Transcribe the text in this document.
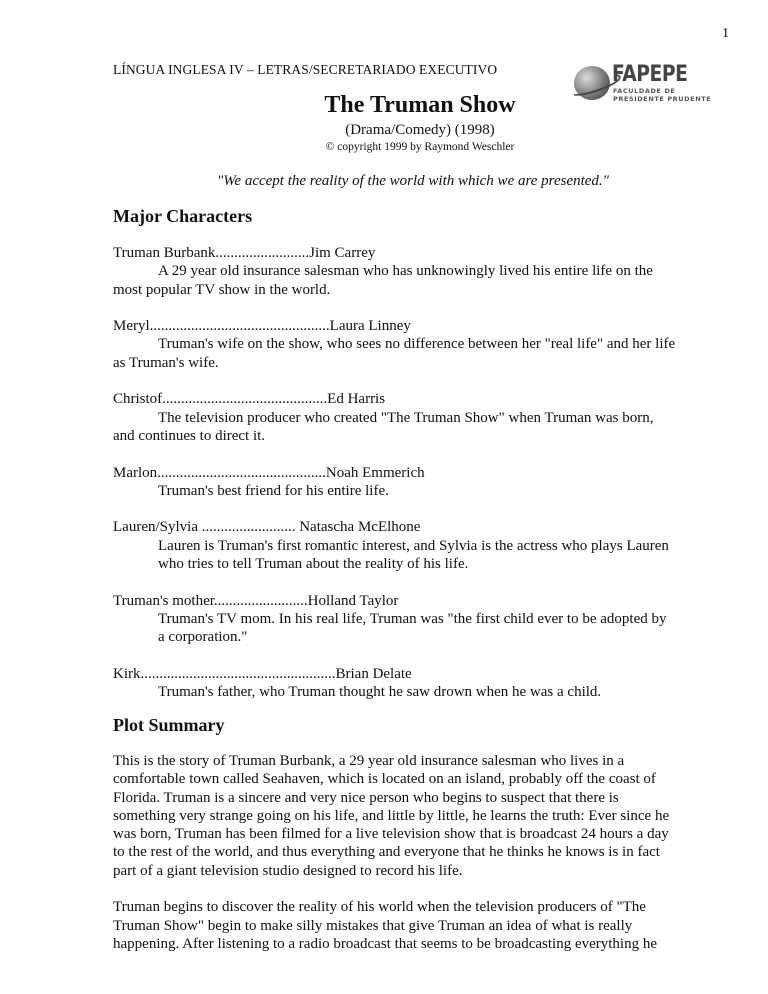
1
LÍNGUA INGLESA IV – LETRAS/SECRETARIADO EXECUTIVO	FAPEPE
FACULDADE DE
PRESIDENTE PRUDENTE
The Truman Show
(Drama/Comedy) (1998)
© copyright 1999 by Raymond Weschler
"We accept the reality of the world with which we are presented."
Major Characters
Truman Burbank.........................Jim Carrey
A 29 year old insurance salesman who has unknowingly lived his entire life on the
most popular TV show in the world.
Meryl................................................Laura Linney
Truman's wife on the show, who sees no difference between her "real life" and her life
as Truman's wife.
Christof............................................Ed Harris
The television producer who created "The Truman Show" when Truman was born,
and continues to direct it.
Marlon.............................................Noah Emmerich
Truman's best friend for his entire life.
Lauren/Sylvia ......................... Natascha McElhone
Lauren is Truman's first romantic interest, and Sylvia is the actress who plays Lauren
who tries to tell Truman about the reality of his life.
Truman's mother.........................Holland Taylor
Truman's TV mom. In his real life, Truman was "the first child ever to be adopted by
a corporation."
Kirk....................................................Brian Delate
Truman's father, who Truman thought he saw drown when he was a child.
Plot Summary
This is the story of Truman Burbank, a 29 year old insurance salesman who lives in a
comfortable town called Seahaven, which is located on an island, probably off the coast of
Florida. Truman is a sincere and very nice person who begins to suspect that there is
something very strange going on his life, and little by little, he learns the truth: Ever since he
was born, Truman has been filmed for a live television show that is broadcast 24 hours a day
to the rest of the world, and thus everything and everyone that he thinks he knows is in fact
part of a giant television studio designed to record his life.
Truman begins to discover the reality of his world when the television producers of "The
Truman Show" begin to make silly mistakes that give Truman an idea of what is really
happening. After listening to a radio broadcast that seems to be broadcasting everything he
